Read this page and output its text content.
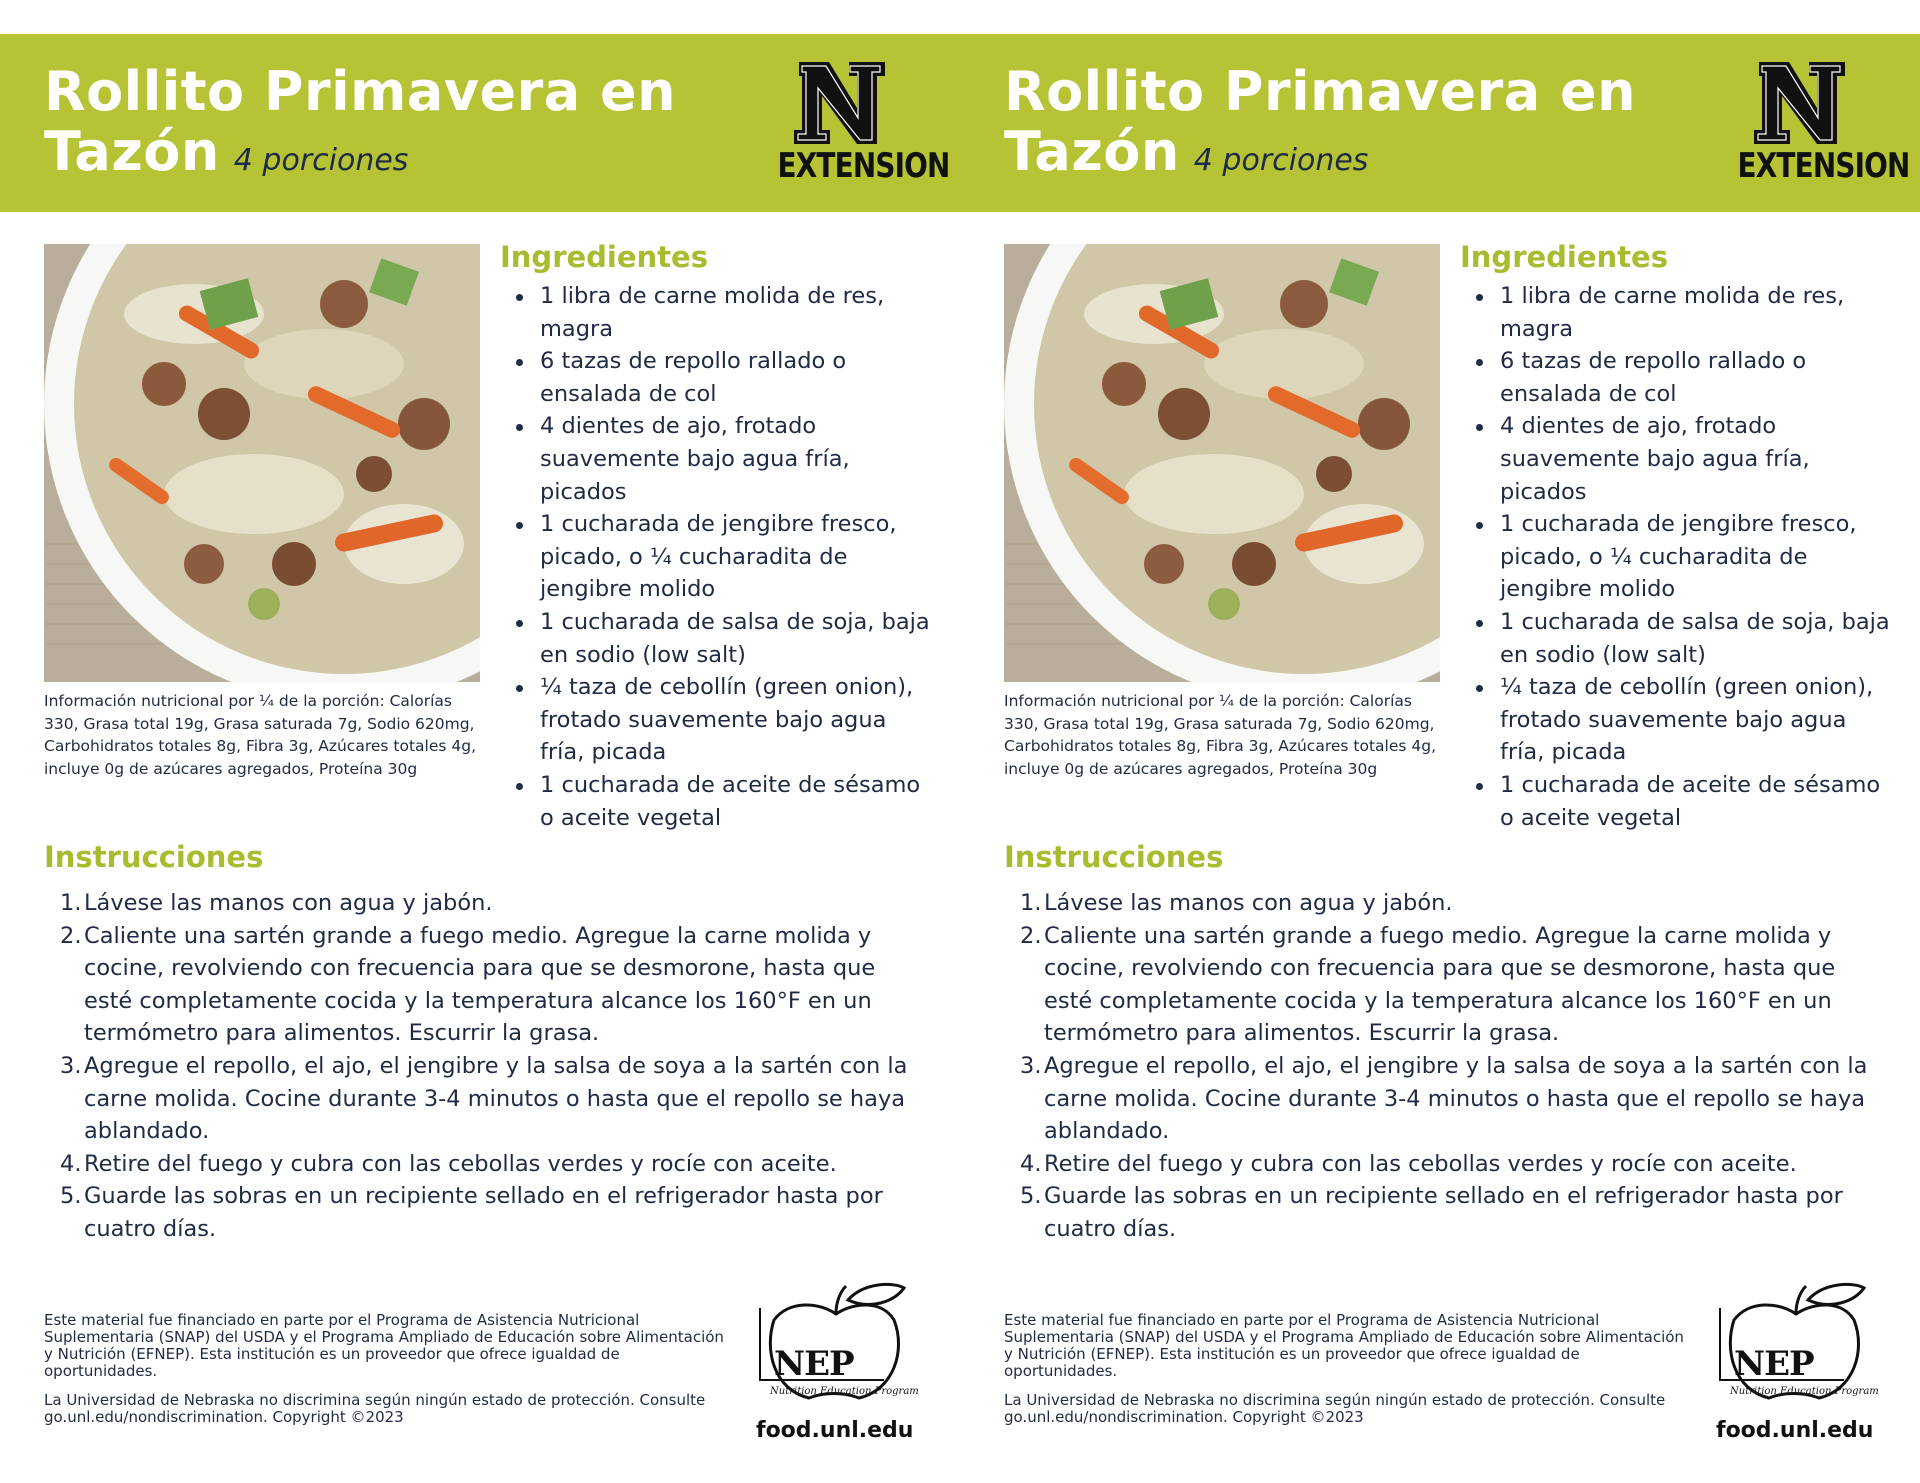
Rollito Primavera en
Tazón 4 porciones	EXTENSION
Información nutricional por ¼ de la porción: Calorías 330, Grasa total 19g, Grasa saturada 7g, Sodio 620mg, Carbohidratos totales 8g, Fibra 3g, Azúcares totales 4g, incluye 0g de azúcares agregados, Proteína 30g
Ingredientes
1 libra de carne molida de res, magra
6 tazas de repollo rallado o ensalada de col
4 dientes de ajo, frotado suavemente bajo agua fría, picados
1 cucharada de jengibre fresco, picado, o ¼ cucharadita de jengibre molido
1 cucharada de salsa de soja, baja en sodio (low salt)
¼ taza de cebollín (green onion), frotado suavemente bajo agua fría, picada
1 cucharada de aceite de sésamo o aceite vegetal
Instrucciones
1. Lávese las manos con agua y jabón.
2. Caliente una sartén grande a fuego medio. Agregue la carne molida y cocine, revolviendo con frecuencia para que se desmorone, hasta que esté completamente cocida y la temperatura alcance los 160°F en un termómetro para alimentos. Escurrir la grasa.
3. Agregue el repollo, el ajo, el jengibre y la salsa de soya a la sartén con la carne molida. Cocine durante 3-4 minutos o hasta que el repollo se haya ablandado.
4. Retire del fuego y cubra con las cebollas verdes y rocíe con aceite.
5. Guarde las sobras en un recipiente sellado en el refrigerador hasta por cuatro días.

Este material fue financiado en parte por el Programa de Asistencia Nutricional Suplementaria (SNAP) del USDA y el Programa Ampliado de Educación sobre Alimentación y Nutrición (EFNEP). Esta institución es un proveedor que ofrece igualdad de oportunidades.

La Universidad de Nebraska no discrimina según ningún estado de protección. Consulte go.unl.edu/nondiscrimination. Copyright ©2023

NEP
Nutrition Education Program
food.unl.edu
Rollito Primavera en
Tazón 4 porciones	EXTENSION
Información nutricional por ¼ de la porción: Calorías 330, Grasa total 19g, Grasa saturada 7g, Sodio 620mg, Carbohidratos totales 8g, Fibra 3g, Azúcares totales 4g, incluye 0g de azúcares agregados, Proteína 30g
Ingredientes
1 libra de carne molida de res, magra
6 tazas de repollo rallado o ensalada de col
4 dientes de ajo, frotado suavemente bajo agua fría, picados
1 cucharada de jengibre fresco, picado, o ¼ cucharadita de jengibre molido
1 cucharada de salsa de soja, baja en sodio (low salt)
¼ taza de cebollín (green onion), frotado suavemente bajo agua fría, picada
1 cucharada de aceite de sésamo o aceite vegetal
Instrucciones
1. Lávese las manos con agua y jabón.
2. Caliente una sartén grande a fuego medio. Agregue la carne molida y cocine, revolviendo con frecuencia para que se desmorone, hasta que esté completamente cocida y la temperatura alcance los 160°F en un termómetro para alimentos. Escurrir la grasa.
3. Agregue el repollo, el ajo, el jengibre y la salsa de soya a la sartén con la carne molida. Cocine durante 3-4 minutos o hasta que el repollo se haya ablandado.
4. Retire del fuego y cubra con las cebollas verdes y rocíe con aceite.
5. Guarde las sobras en un recipiente sellado en el refrigerador hasta por cuatro días.

Este material fue financiado en parte por el Programa de Asistencia Nutricional Suplementaria (SNAP) del USDA y el Programa Ampliado de Educación sobre Alimentación y Nutrición (EFNEP). Esta institución es un proveedor que ofrece igualdad de oportunidades.

La Universidad de Nebraska no discrimina según ningún estado de protección. Consulte go.unl.edu/nondiscrimination. Copyright ©2023

NEP
Nutrition Education Program
food.unl.edu
